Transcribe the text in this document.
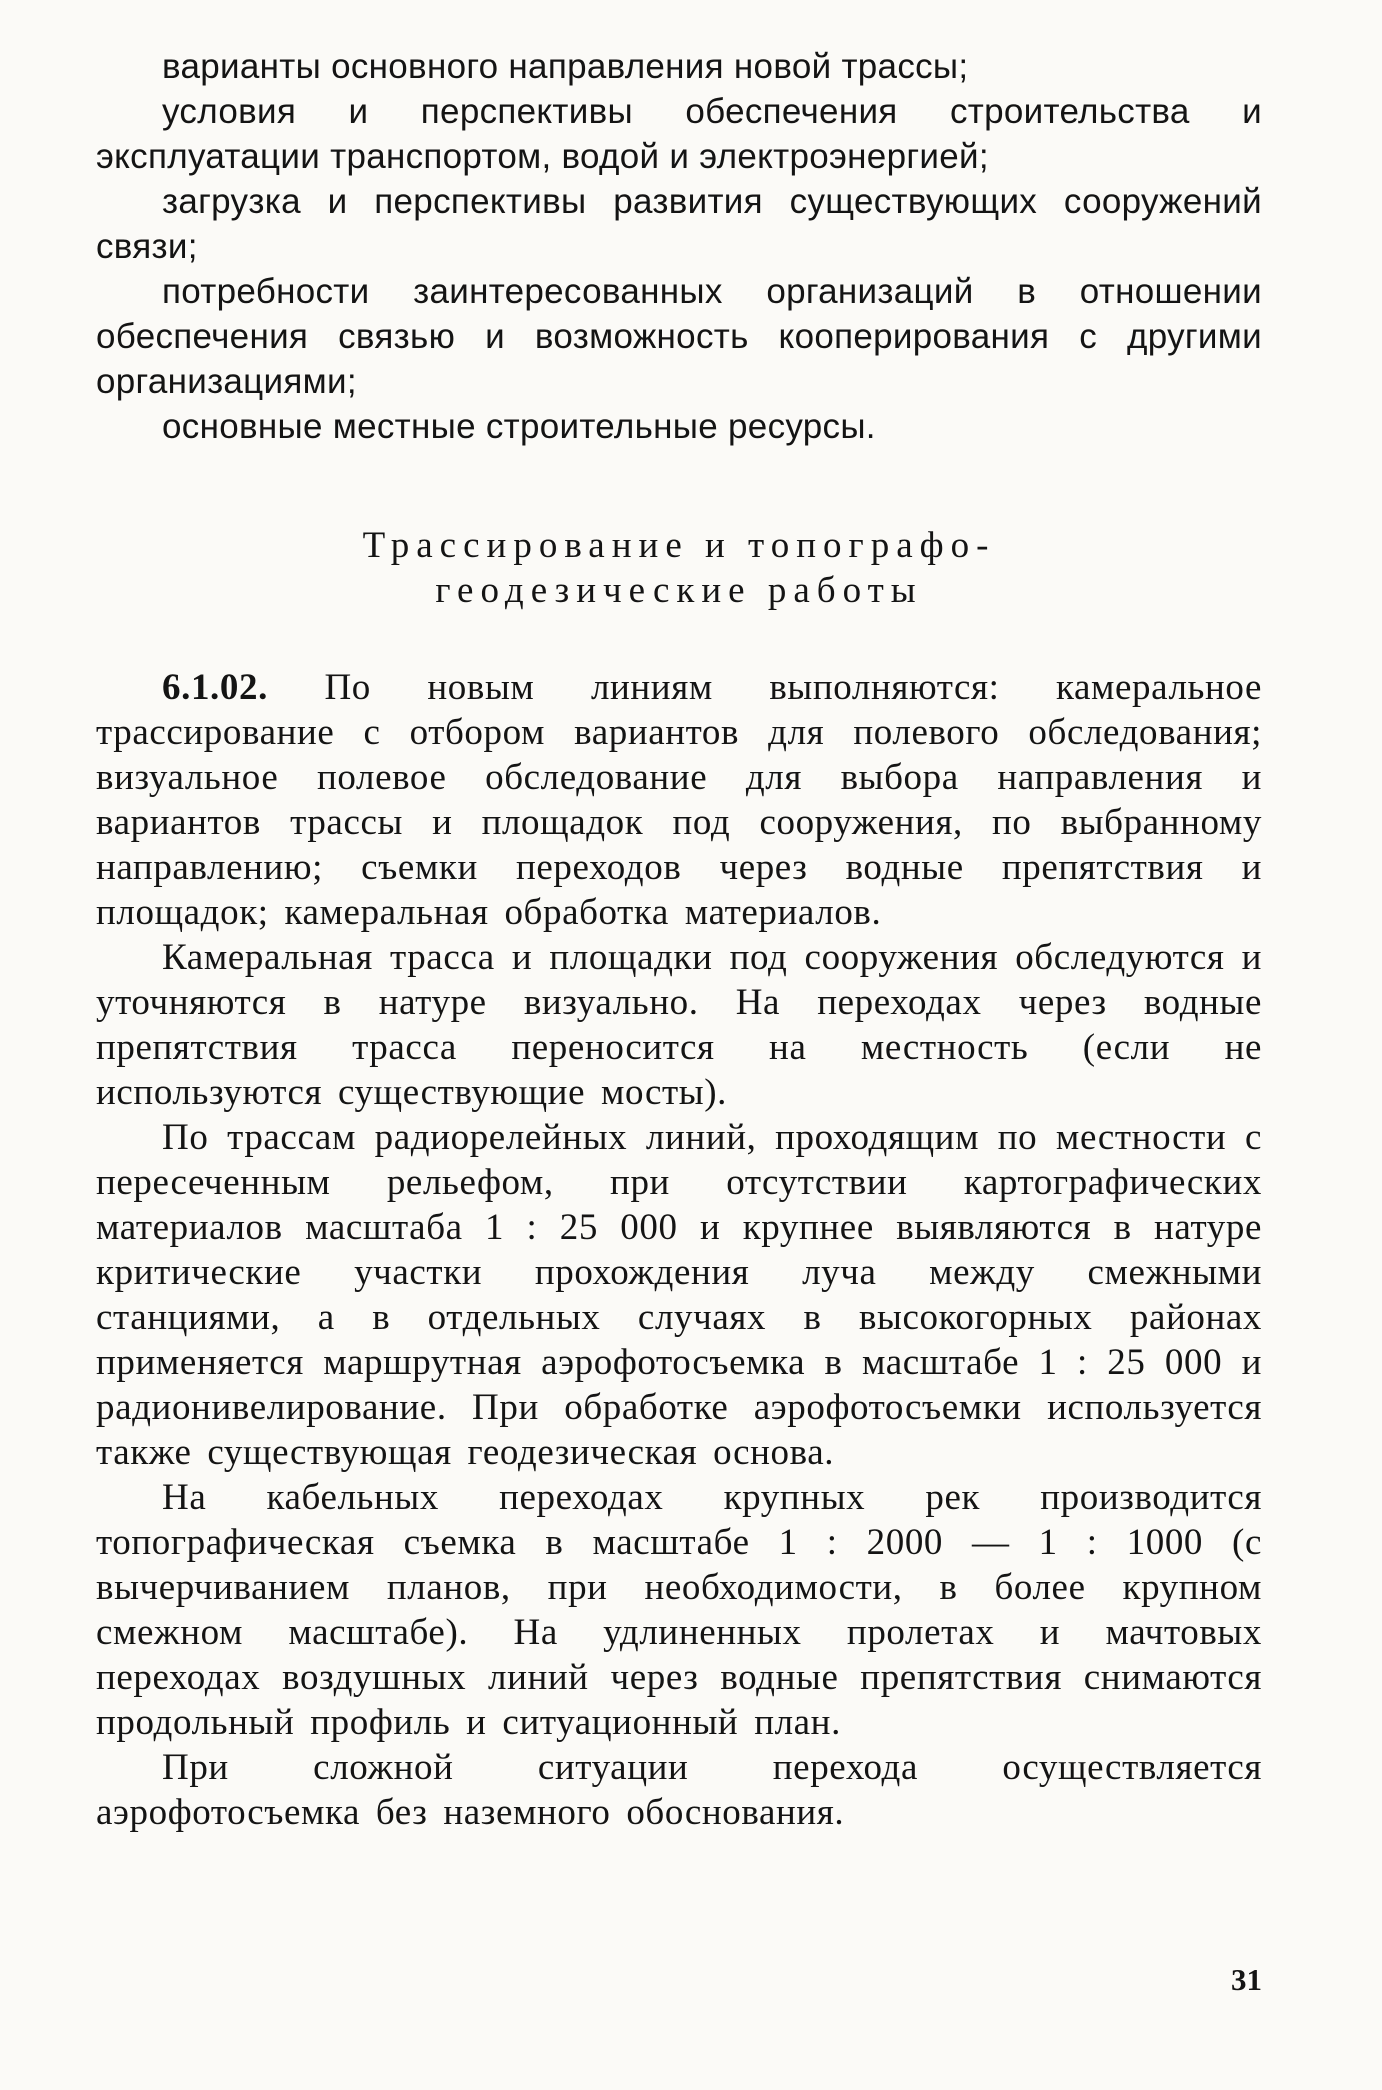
варианты основного направления новой трассы;

условия и перспективы обеспечения строительства и эксплуатации транспортом, водой и электроэнергией;

загрузка и перспективы развития существующих сооружений связи;

потребности заинтересованных организаций в отношении обеспечения связью и возможность кооперирования с другими организациями;

основные местные строительные ресурсы.

Трассирование и топографо-
геодезические работы

6.1.02. По новым линиям выполняются: камеральное трассирование с отбором вариантов для полевого обследования; визуальное полевое обследование для выбора направления и вариантов трассы и площадок под сооружения, по выбранному направлению; съемки переходов через водные препятствия и площадок; камеральная обработка материалов.

Камеральная трасса и площадки под сооружения обследуются и уточняются в натуре визуально. На переходах через водные препятствия трасса переносится на местность (если не используются существующие мосты).

По трассам радиорелейных линий, проходящим по местности с пересеченным рельефом, при отсутствии картографических материалов масштаба 1 : 25 000 и крупнее выявляются в натуре критические участки прохождения луча между смежными станциями, а в отдельных случаях в высокогорных районах применяется маршрутная аэрофотосъемка в масштабе 1 : 25 000 и радионивелирование. При обработке аэрофотосъемки используется также существующая геодезическая основа.

На кабельных переходах крупных рек производится топографическая съемка в масштабе 1 : 2000 — 1 : 1000 (с вычерчиванием планов, при необходимости, в более крупном смежном масштабе). На удлиненных пролетах и мачтовых переходах воздушных линий через водные препятствия снимаются продольный профиль и ситуационный план.

При сложной ситуации перехода осуществляется аэрофотосъемка без наземного обоснования.

31
